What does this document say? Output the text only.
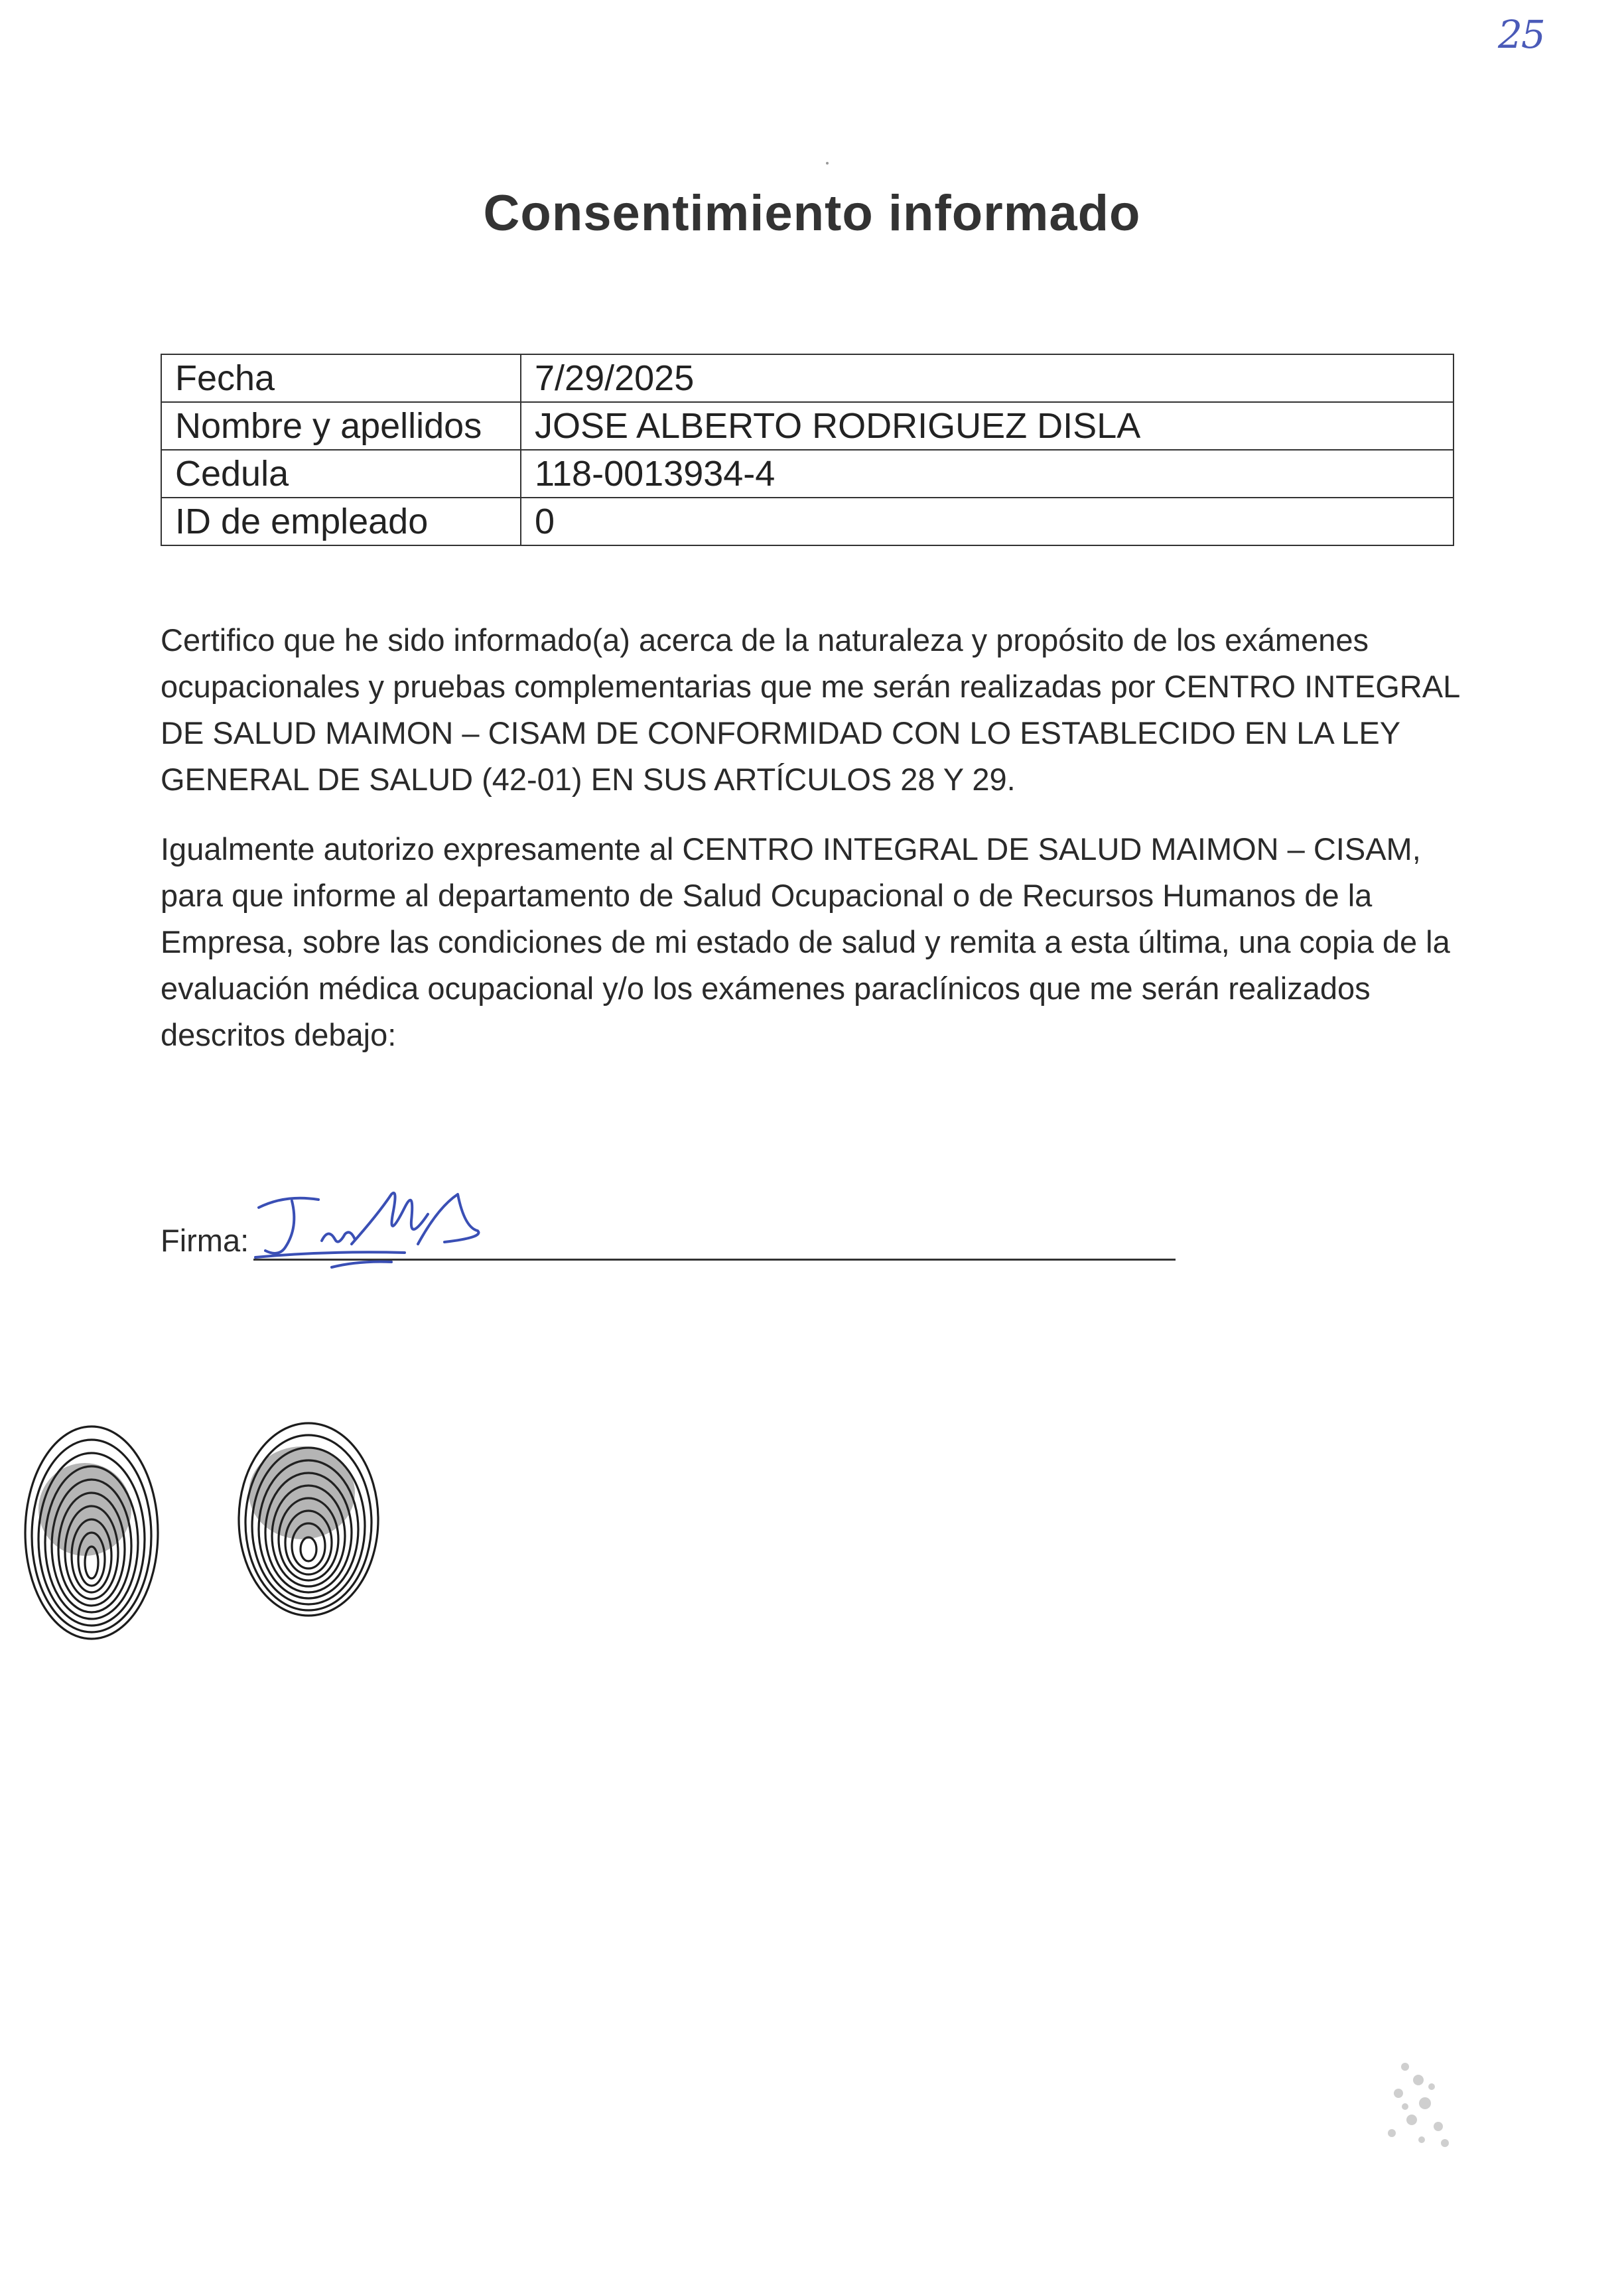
25
Consentimiento informado
Fecha	7/29/2025
Nombre y apellidos	JOSE ALBERTO RODRIGUEZ DISLA
Cedula	118-0013934-4
ID de empleado	0
Certifico que he sido informado(a) acerca de la naturaleza y propósito de los exámenes ocupacionales y pruebas complementarias que me serán realizadas por CENTRO INTEGRAL DE SALUD MAIMON – CISAM DE CONFORMIDAD CON LO ESTABLECIDO EN LA LEY GENERAL DE SALUD (42-01) EN SUS ARTÍCULOS 28 Y 29.
Igualmente autorizo expresamente al CENTRO INTEGRAL DE SALUD MAIMON – CISAM, para que informe al departamento de Salud Ocupacional o de Recursos Humanos de la Empresa, sobre las condiciones de mi estado de salud y remita a esta última, una copia de la evaluación médica ocupacional y/o los exámenes paraclínicos que me serán realizados descritos debajo:
Firma:
